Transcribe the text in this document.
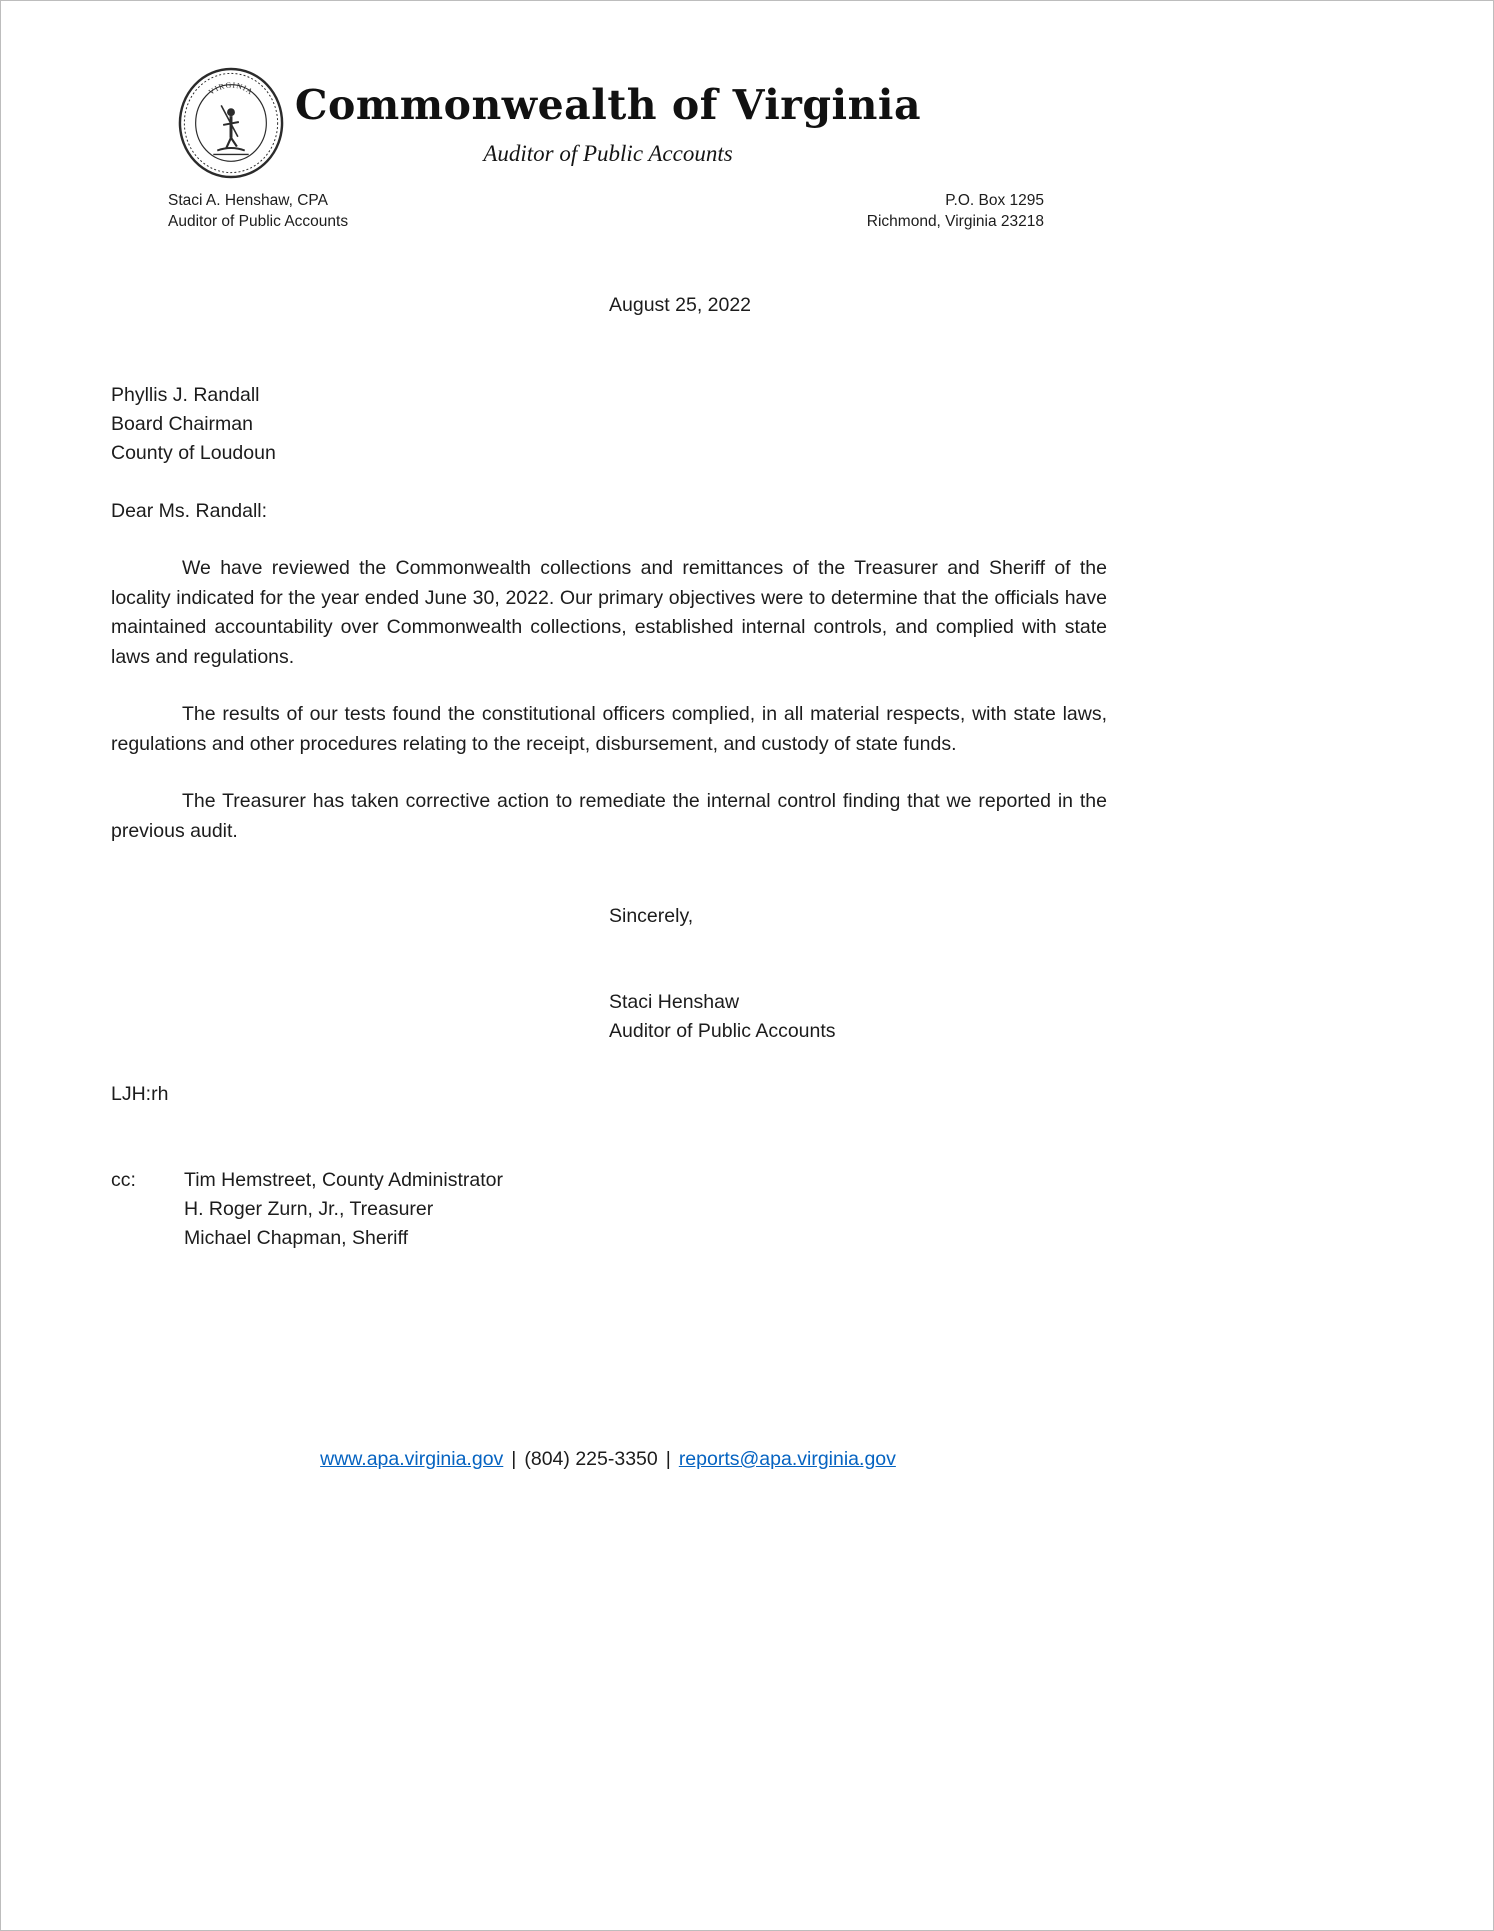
VIRGINIA Commonwealth of Virginia
Auditor of Public Accounts
Staci A. Henshaw, CPA
Auditor of Public Accounts
P.O. Box 1295
Richmond, Virginia 23218
August 25, 2022
Phyllis J. Randall
Board Chairman
County of Loudoun
Dear Ms. Randall:

We have reviewed the Commonwealth collections and remittances of the Treasurer and Sheriff of the locality indicated for the year ended June 30, 2022. Our primary objectives were to determine that the officials have maintained accountability over Commonwealth collections, established internal controls, and complied with state laws and regulations.

The results of our tests found the constitutional officers complied, in all material respects, with state laws, regulations and other procedures relating to the receipt, disbursement, and custody of state funds.

The Treasurer has taken corrective action to remediate the internal control finding that we reported in the previous audit.

Sincerely,
Staci Henshaw
Auditor of Public Accounts
LJH:rh
cc:	Tim Hemstreet, County Administrator
H. Roger Zurn, Jr., Treasurer
Michael Chapman, Sheriff
www.apa.virginia.gov | (804) 225-3350 | reports@apa.virginia.gov
